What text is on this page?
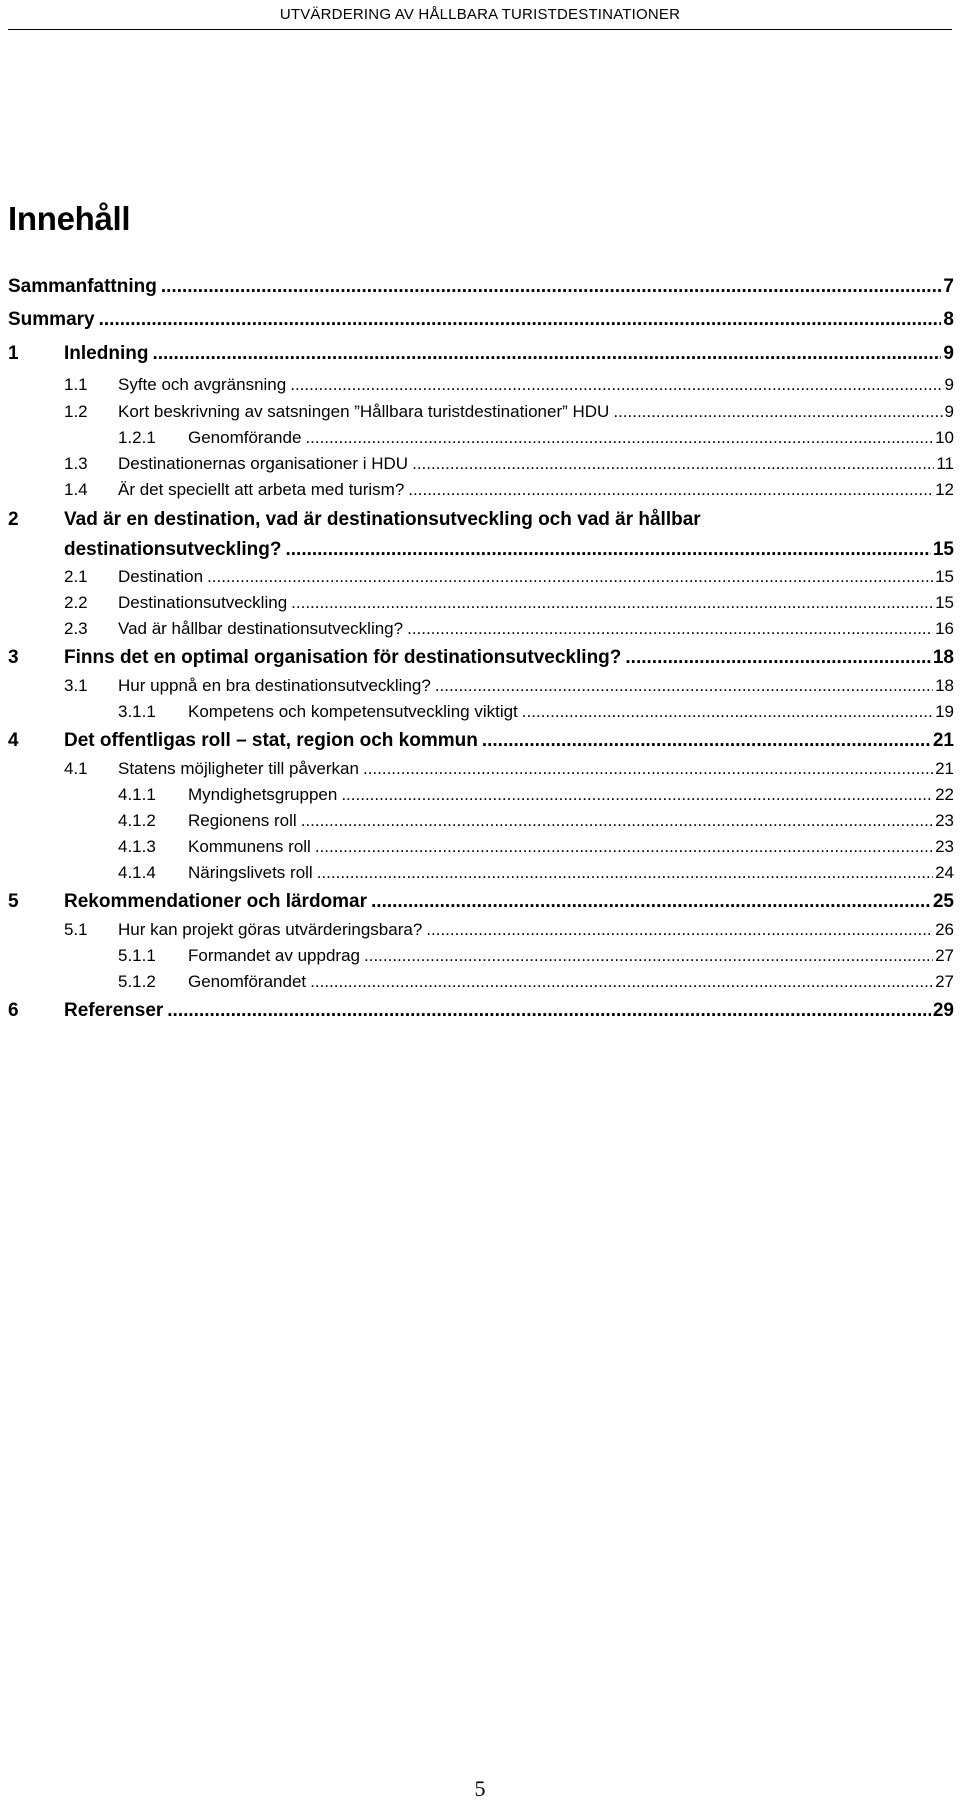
UTVÄRDERING AV HÅLLBARA TURISTDESTINATIONER
Innehåll
Sammanfattning .....	7
Summary .....	8
1 Inledning .....	9
1.1 Syfte och avgränsning .....	9
1.2 Kort beskrivning av satsningen ”Hållbara turistdestinationer” HDU .....	9
1.2.1 Genomförande .....	10
1.3 Destinationernas organisationer i HDU .....	11
1.4 Är det speciellt att arbeta med turism? .....	12
2 Vad är en destination, vad är destinationsutveckling och vad är hållbar
destinationsutveckling? .....	15
2.1 Destination .....	15
2.2 Destinationsutveckling .....	15
2.3 Vad är hållbar destinationsutveckling? .....	16
3 Finns det en optimal organisation för destinationsutveckling? .....	18
3.1 Hur uppnå en bra destinationsutveckling? .....	18
3.1.1 Kompetens och kompetensutveckling viktigt .....	19
4 Det offentligas roll – stat, region och kommun .....	21
4.1 Statens möjligheter till påverkan .....	21
4.1.1 Myndighetsgruppen .....	22
4.1.2 Regionens roll .....	23
4.1.3 Kommunens roll .....	23
4.1.4 Näringslivets roll .....	24
5 Rekommendationer och lärdomar .....	25
5.1 Hur kan projekt göras utvärderingsbara? .....	26
5.1.1 Formandet av uppdrag .....	27
5.1.2 Genomförandet .....	27
6 Referenser .....	29
5
